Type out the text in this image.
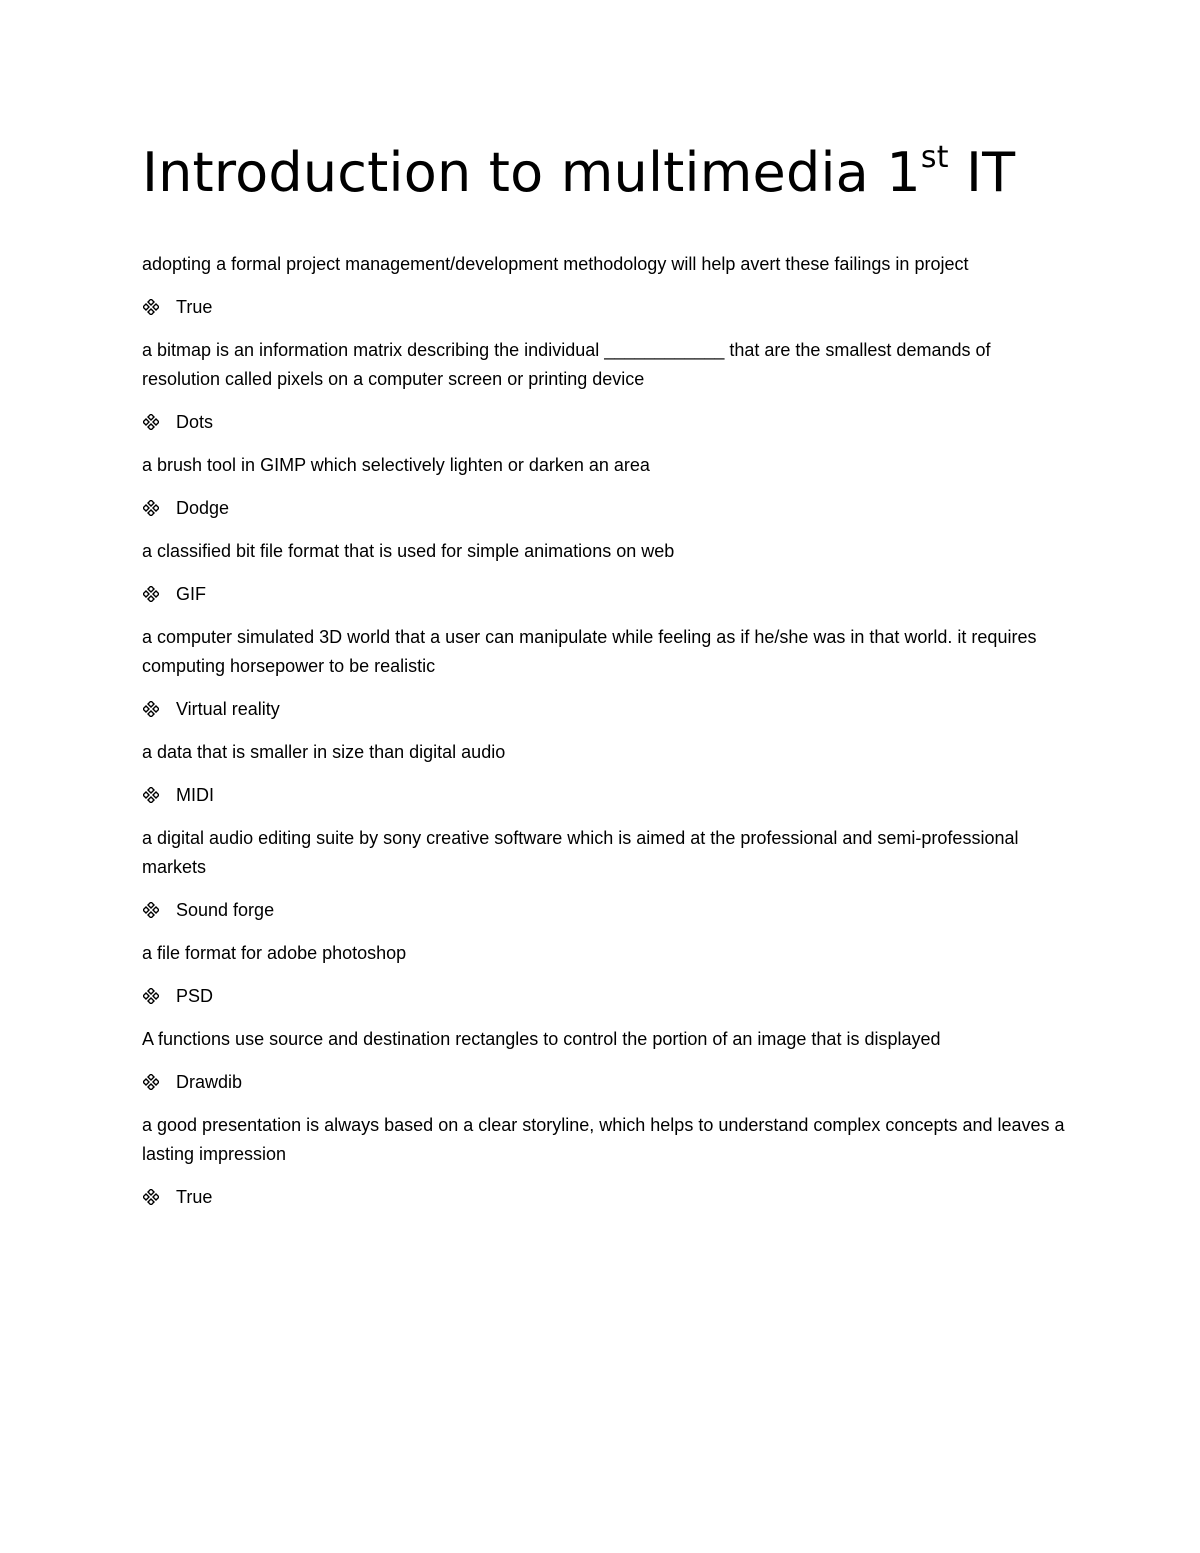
Introduction to multimedia 1st IT

adopting a formal project management/development methodology will help avert these failings in project

True

a bitmap is an information matrix describing the individual ____________ that are the smallest demands of resolution called pixels on a computer screen or printing device

Dots

a brush tool in GIMP which selectively lighten or darken an area

Dodge

a classified bit file format that is used for simple animations on web

GIF

a computer simulated 3D world that a user can manipulate while feeling as if he/she was in that world. it requires computing horsepower to be realistic

Virtual reality

a data that is smaller in size than digital audio

MIDI

a digital audio editing suite by sony creative software which is aimed at the professional and semi-professional markets

Sound forge

a file format for adobe photoshop

PSD

A functions use source and destination rectangles to control the portion of an image that is displayed

Drawdib

a good presentation is always based on a clear storyline, which helps to understand complex concepts and leaves a lasting impression

True
